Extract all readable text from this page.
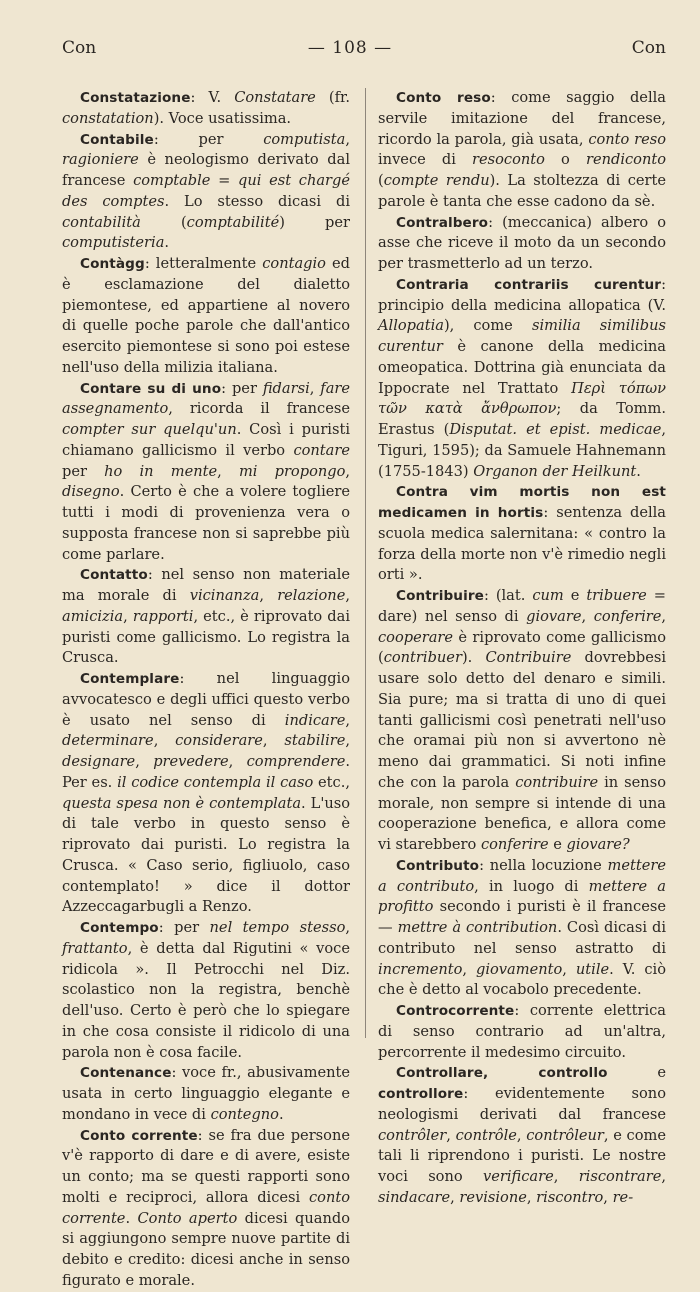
Con	— 108 —	Con

Constatazione: V. Constatare (fr. constatation). Voce usatissima.

Contabile: per computista, ragioniere è neologismo derivato dal francese comptable = qui est chargé des comptes. Lo stesso dicasi di contabilità (comptabilité) per computisteria.

Contàgg: letteralmente contagio ed è esclamazione del dialetto piemontese, ed appartiene al novero di quelle poche parole che dall'antico esercito piemontese si sono poi estese nell'uso della milizia italiana.

Contare su di uno: per fidarsi, fare assegnamento, ricorda il francese compter sur quelqu'un. Così i puristi chiamano gallicismo il verbo contare per ho in mente, mi propongo, disegno. Certo è che a volere togliere tutti i modi di provenienza vera o supposta francese non si saprebbe più come parlare.

Contatto: nel senso non materiale ma morale di vicinanza, relazione, amicizia, rapporti, etc., è riprovato dai puristi come gallicismo. Lo registra la Crusca.

Contemplare: nel linguaggio avvocatesco e degli uffici questo verbo è usato nel senso di indicare, determinare, considerare, stabilire, designare, prevedere, comprendere. Per es. il codice contempla il caso etc., questa spesa non è contemplata. L'uso di tale verbo in questo senso è riprovato dai puristi. Lo registra la Crusca. « Caso serio, figliuolo, caso contemplato! » dice il dottor Azzeccagarbugli a Renzo.

Contempo: per nel tempo stesso, frattanto, è detta dal Rigutini « voce ridicola ». Il Petrocchi nel Diz. scolastico non la registra, benchè dell'uso. Certo è però che lo spiegare in che cosa consiste il ridicolo di una parola non è cosa facile.

Contenance: voce fr., abusivamente usata in certo linguaggio elegante e mondano in vece di contegno.

Conto corrente: se fra due persone v'è rapporto di dare e di avere, esiste un conto; ma se questi rapporti sono molti e reciproci, allora dicesi conto corrente. Conto aperto dicesi quando si aggiungono sempre nuove partite di debito e credito: dicesi anche in senso figurato e morale.

Conto reso: come saggio della servile imitazione del francese, ricordo la parola, già usata, conto reso invece di resoconto o rendiconto (compte rendu). La stoltezza di certe parole è tanta che esse cadono da sè.

Contralbero: (meccanica) albero o asse che riceve il moto da un secondo per trasmetterlo ad un terzo.

Contraria contrariis curentur: principio della medicina allopatica (V. Allopatia), come similia similibus curentur è canone della medicina omeopatica. Dottrina già enunciata da Ippocrate nel Trattato Περὶ τόπων τῶν κατὰ ἄνθρωπον; da Tomm. Erastus (Disputat. et epist. medicae, Tiguri, 1595); da Samuele Hahnemann (1755-1843) Organon der Heilkunt.

Contra vim mortis non est medicamen in hortis: sentenza della scuola medica salernitana: « contro la forza della morte non v'è rimedio negli orti ».

Contribuire: (lat. cum e tribuere = dare) nel senso di giovare, conferire, cooperare è riprovato come gallicismo (contribuer). Contribuire dovrebbesi usare solo detto del denaro e simili. Sia pure; ma si tratta di uno di quei tanti gallicismi così penetrati nell'uso che oramai più non si avvertono nè meno dai grammatici. Si noti infine che con la parola contribuire in senso morale, non sempre si intende di una cooperazione benefica, e allora come vi starebbero conferire e giovare?

Contributo: nella locuzione mettere a contributo, in luogo di mettere a profitto secondo i puristi è il francese — mettre à contribution. Così dicasi di contributo nel senso astratto di incremento, giovamento, utile. V. ciò che è detto al vocabolo precedente.

Controcorrente: corrente elettrica di senso contrario ad un'altra, percorrente il medesimo circuito.

Controllare, controllo e controllore: evidentemente sono neologismi derivati dal francese contrôler, contrôle, contrôleur, e come tali li riprendono i puristi. Le nostre voci sono verificare, riscontrare, sindacare, revisione, riscontro, re-
